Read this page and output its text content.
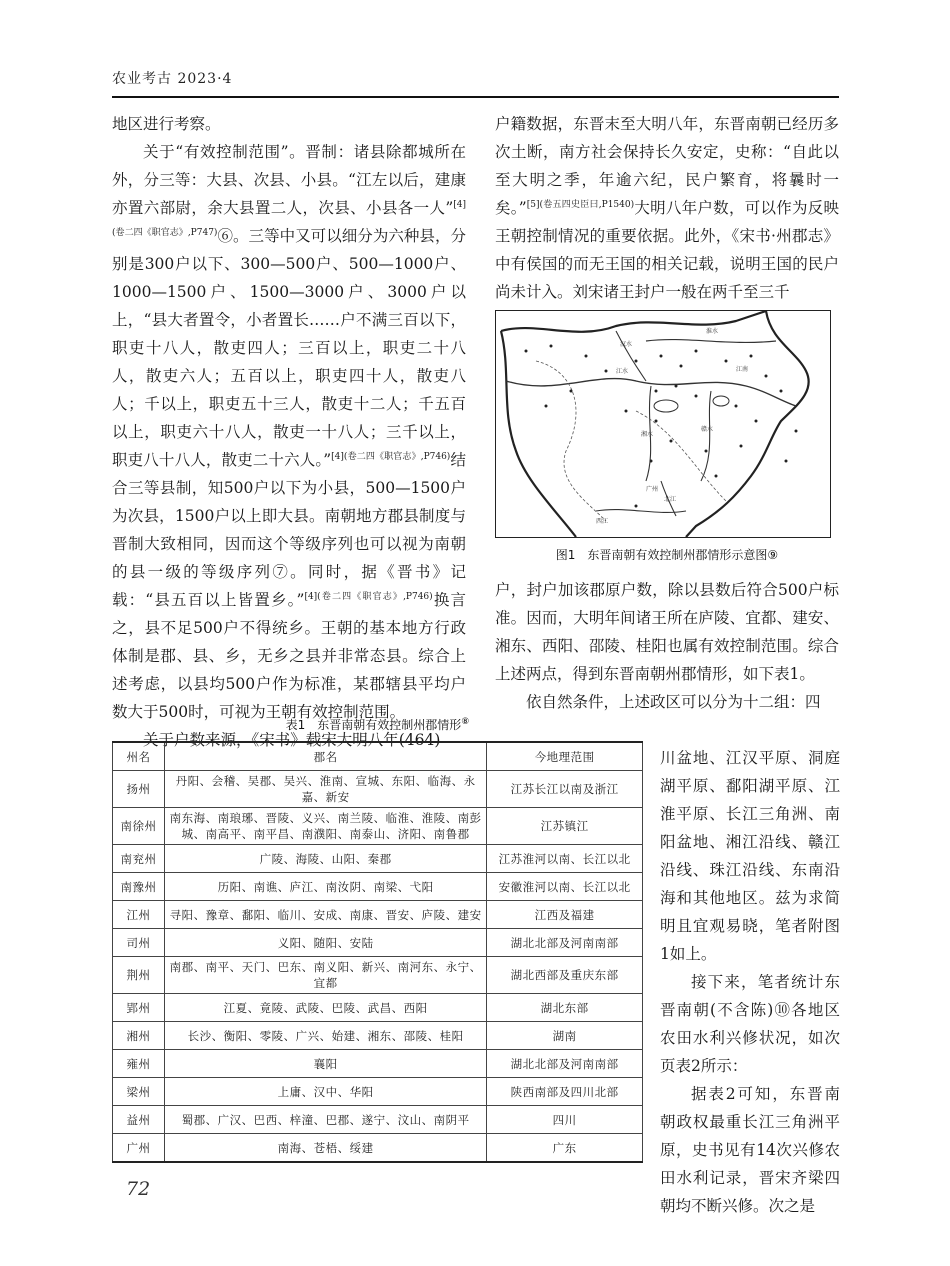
农业考古 2023·4

地区进行考察。

关于“有效控制范围”。晋制：诸县除都城所在外，分三等：大县、次县、小县。“江左以后，建康亦置六部尉，余大县置二人，次县、小县各一人”$^{[4](卷二四《职官志》,P747)}$⑥。三等中又可以细分为六种县，分别是300户以下、300—500户、500—1000户、1000—1500户、1500—3000户、3000户以上，“县大者置令，小者置长……户不满三百以下，职吏十八人，散吏四人；三百以上，职吏二十八人，散吏六人；五百以上，职吏四十人，散吏八人；千以上，职吏五十三人，散吏十二人；千五百以上，职吏六十八人，散吏一十八人；三千以上，职吏八十八人，散吏二十六人。”$^{[4](卷二四《职官志》,P746)}$结合三等县制，知500户以下为小县，500—1500户为次县，1500户以上即大县。南朝地方郡县制度与晋制大致相同，因而这个等级序列也可以视为南朝的县一级的等级序列⑦。同时，据《晋书》记载：“县五百以上皆置乡。”$^{[4](卷二四《职官志》,P746)}$换言之，县不足500户不得统乡。王朝的基本地方行政体制是郡、县、乡，无乡之县并非常态县。综合上述考虑，以县均500户作为标准，某郡辖县平均户数大于500时，可视为王朝有效控制范围。

关于户数来源，《宋书》载宋大明八年(464)

户籍数据，东晋末至大明八年，东晋南朝已经历多次土断，南方社会保持长久安定，史称：“自此以至大明之季，年逾六纪，民户繁育，将曩时一矣。”$^{[5](卷五四史臣曰,P1540)}$大明八年户数，可以作为反映王朝控制情况的重要依据。此外，《宋书·州郡志》中有侯国的而无王国的相关记载，说明王国的民户尚未计入。刘宋诸王封户一般在两千至三千

淮水
江水
汉水
湘水
赣水
北江
西江
广州
江南
图1　东晋南朝有效控制州郡情形示意图⑨

户，封户加该郡原户数，除以县数后符合500户标准。因而，大明年间诸王所在庐陵、宜都、建安、湘东、西阳、邵陵、桂阳也属有效控制范围。综合上述两点，得到东晋南朝州郡情形，如下表1。

依自然条件，上述政区可以分为十二组：四

川盆地、江汉平原、洞庭湖平原、鄱阳湖平原、江淮平原、长江三角洲、南阳盆地、湘江沿线、赣江沿线、珠江沿线、东南沿海和其他地区。兹为求简明且宜观易晓，笔者附图1如上。

接下来，笔者统计东晋南朝(不含陈)⑩各地区农田水利兴修状况，如次页表2所示：

据表2可知，东晋南朝政权最重长江三角洲平原，史书见有14次兴修农田水利记录，晋宋齐梁四朝均不断兴修。次之是

表1　东晋南朝有效控制州郡情形⑧
州名	郡名	今地理范围
扬州	丹阳、会稽、吴郡、吴兴、淮南、宣城、东阳、临海、永嘉、新安	江苏长江以南及浙江
南徐州	南东海、南琅琊、晋陵、义兴、南兰陵、临淮、淮陵、南彭城、南高平、南平昌、南濮阳、南泰山、济阳、南鲁郡	江苏镇江
南兖州	广陵、海陵、山阳、秦郡	江苏淮河以南、长江以北
南豫州	历阳、南谯、庐江、南汝阴、南梁、弋阳	安徽淮河以南、长江以北
江州	寻阳、豫章、鄱阳、临川、安成、南康、晋安、庐陵、建安	江西及福建
司州	义阳、随阳、安陆	湖北北部及河南南部
荆州	南郡、南平、天门、巴东、南义阳、新兴、南河东、永宁、宜都	湖北西部及重庆东部
郢州	江夏、竟陵、武陵、巴陵、武昌、西阳	湖北东部
湘州	长沙、衡阳、零陵、广兴、始建、湘东、邵陵、桂阳	湖南
雍州	襄阳	湖北北部及河南南部
梁州	上庸、汉中、华阳	陕西南部及四川北部
益州	蜀郡、广汉、巴西、梓潼、巴郡、遂宁、汶山、南阴平	四川
广州	南海、苍梧、绥建	广东
72
